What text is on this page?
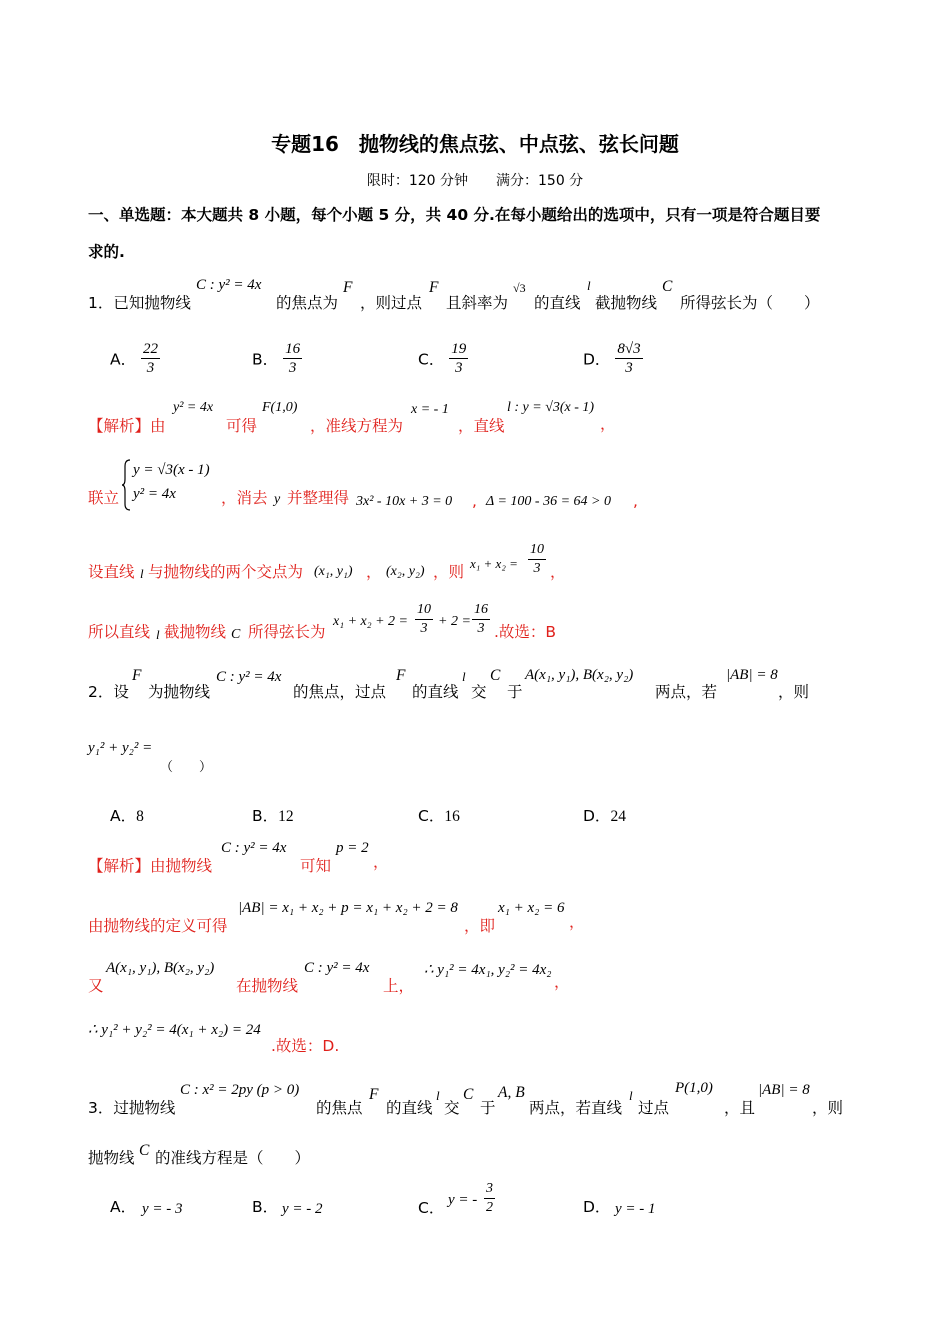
专题16　抛物线的焦点弦、中点弦、弦长问题
限时：120 分钟　　满分：150 分
一、单选题：本大题共 8 小题，每个小题 5 分，共 40 分.在每小题给出的选项中，只有一项是符合题目要
求的.
1．已知抛物线
C : y² = 4x
的焦点为
F
，则过点
F
且斜率为
√3
的直线
l
截抛物线
C
所得弦长为（　　）
A． $\frac{22}{3}$	B． $\frac{16}{3}$	C． $\frac{19}{3}$	D． $\frac{8√3}{3}$
【解析】由
y² = 4x
可得
F(1,0)
，准线方程为
x = - 1
，直线
l : y = √3(x - 1)
，
联立
y = √3(x - 1)
y² = 4x	，消去 y 并整理得 3x² - 10x + 3 = 0 , Δ = 100 - 36 = 64 > 0 ,
设直线 l 与抛物线的两个交点为 (x₁, y₁) ， (x₂, y₂) ，则 $x_1 + x_2 = \frac{10}{3}$ ，
所以直线 l 截抛物线 C 所得弦长为
$x_1 + x_2 + 2 = \frac{10}{3} + 2 = \frac{16}{3}$ .故选：B
2．设
F
为抛物线
C : y² = 4x
的焦点，过点
F
的直线
l
交
C
于
A(x₁, y₁), B(x₂, y₂)
两点，若
|AB| = 8
，则
y₁² + y₂² =
（　　）
A．8	B．12	C．16	D．24
【解析】由抛物线
C : y² = 4x
可知
p = 2
，
由抛物线的定义可得
|AB| = x₁ + x₂ + p = x₁ + x₂ + 2 = 8
，即
x₁ + x₂ = 6
，
又
A(x₁, y₁), B(x₂, y₂)
在抛物线
C : y² = 4x
上，
∴ y₁² = 4x₁, y₂² = 4x₂
，
∴ y₁² + y₂² = 4(x₁ + x₂) = 24
.故选：D.
3．过抛物线
C : x² = 2py (p > 0)
的焦点
F
的直线
l
交
C
于
A, B
两点，若直线
l
过点
P(1,0)
，且
|AB| = 8
，则
抛物线 C 的准线方程是（　　）
A． y = - 3	B． y = - 2	C． y = - $\frac{3}{2}$	D． y = - 1
